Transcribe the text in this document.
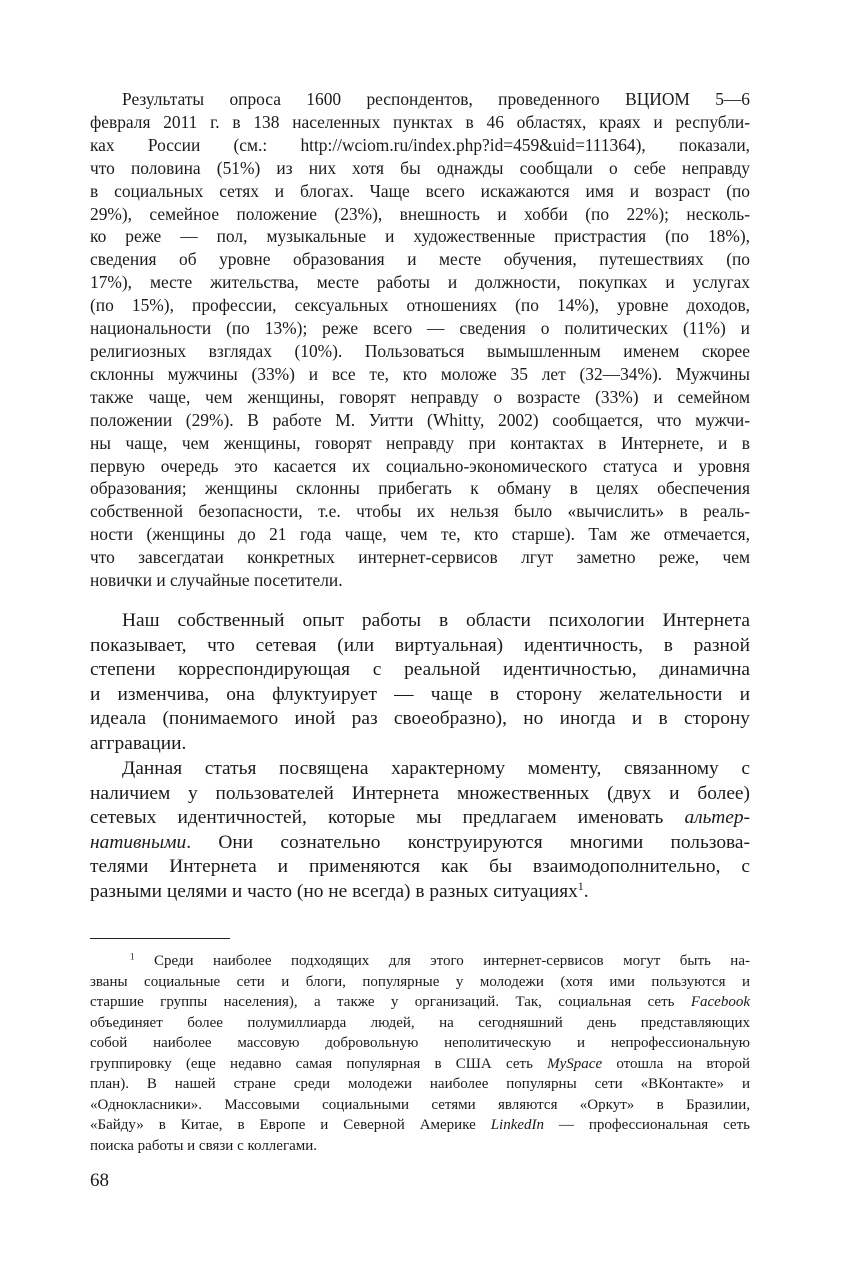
Результаты опроса 1600 респондентов, проведенного ВЦИОМ 5—6
февраля 2011 г. в 138 населенных пунктах в 46 областях, краях и республи-
ках России (см.: http://wciom.ru/index.php?id=459&uid=111364), показали,
что половина (51%) из них хотя бы однажды сообщали о себе неправду
в социальных сетях и блогах. Чаще всего искажаются имя и возраст (по
29%), семейное положение (23%), внешность и хобби (по 22%); несколь-
ко реже — пол, музыкальные и художественные пристрастия (по 18%),
сведения об уровне образования и месте обучения, путешествиях (по
17%), месте жительства, месте работы и должности, покупках и услугах
(по 15%), профессии, сексуальных отношениях (по 14%), уровне доходов,
национальности (по 13%); реже всего — сведения о политических (11%) и
религиозных взглядах (10%). Пользоваться вымышленным именем скорее
склонны мужчины (33%) и все те, кто моложе 35 лет (32—34%). Мужчины
также чаще, чем женщины, говорят неправду о возрасте (33%) и семейном
положении (29%). В работе М. Уитти (Whitty, 2002) сообщается, что мужчи-
ны чаще, чем женщины, говорят неправду при контактах в Интернете, и в
первую очередь это касается их социально-экономического статуса и уровня
образования; женщины склонны прибегать к обману в целях обеспечения
собственной безопасности, т.е. чтобы их нельзя было «вычислить» в реаль-
ности (женщины до 21 года чаще, чем те, кто старше). Там же отмечается,
что завсегдатаи конкретных интернет-сервисов лгут заметно реже, чем
новички и случайные посетители.
Наш собственный опыт работы в области психологии Интернета
показывает, что сетевая (или виртуальная) идентичность, в разной
степени корреспондирующая с реальной идентичностью, динамична
и изменчива, она флуктуирует — чаще в сторону желательности и
идеала (понимаемого иной раз своеобразно), но иногда и в сторону
аггравации.
Данная статья посвящена характерному моменту, связанному с
наличием у пользователей Интернета множественных (двух и более)
сетевых идентичностей, которые мы предлагаем именовать альтер-
нативными. Они сознательно конструируются многими пользова-
телями Интернета и применяются как бы взаимодополнительно, с
разными целями и часто (но не всегда) в разных ситуациях$^1$.
$^1$ Среди наиболее подходящих для этого интернет-сервисов могут быть на-
званы социальные сети и блоги, популярные у молодежи (хотя ими пользуются и
старшие группы населения), а также у организаций. Так, социальная сеть Facebook
объединяет более полумиллиарда людей, на сегодняшний день представляющих
собой наиболее массовую добровольную неполитическую и непрофессиональную
группировку (еще недавно самая популярная в США сеть MySpace отошла на второй
план). В нашей стране среди молодежи наиболее популярны сети «ВКонтакте» и
«Однокласники». Массовыми социальными сетями являются «Оркут» в Бразилии,
«Байду» в Китае, в Европе и Северной Америке LinkedIn — профессиональная сеть
поиска работы и связи с коллегами.
68
